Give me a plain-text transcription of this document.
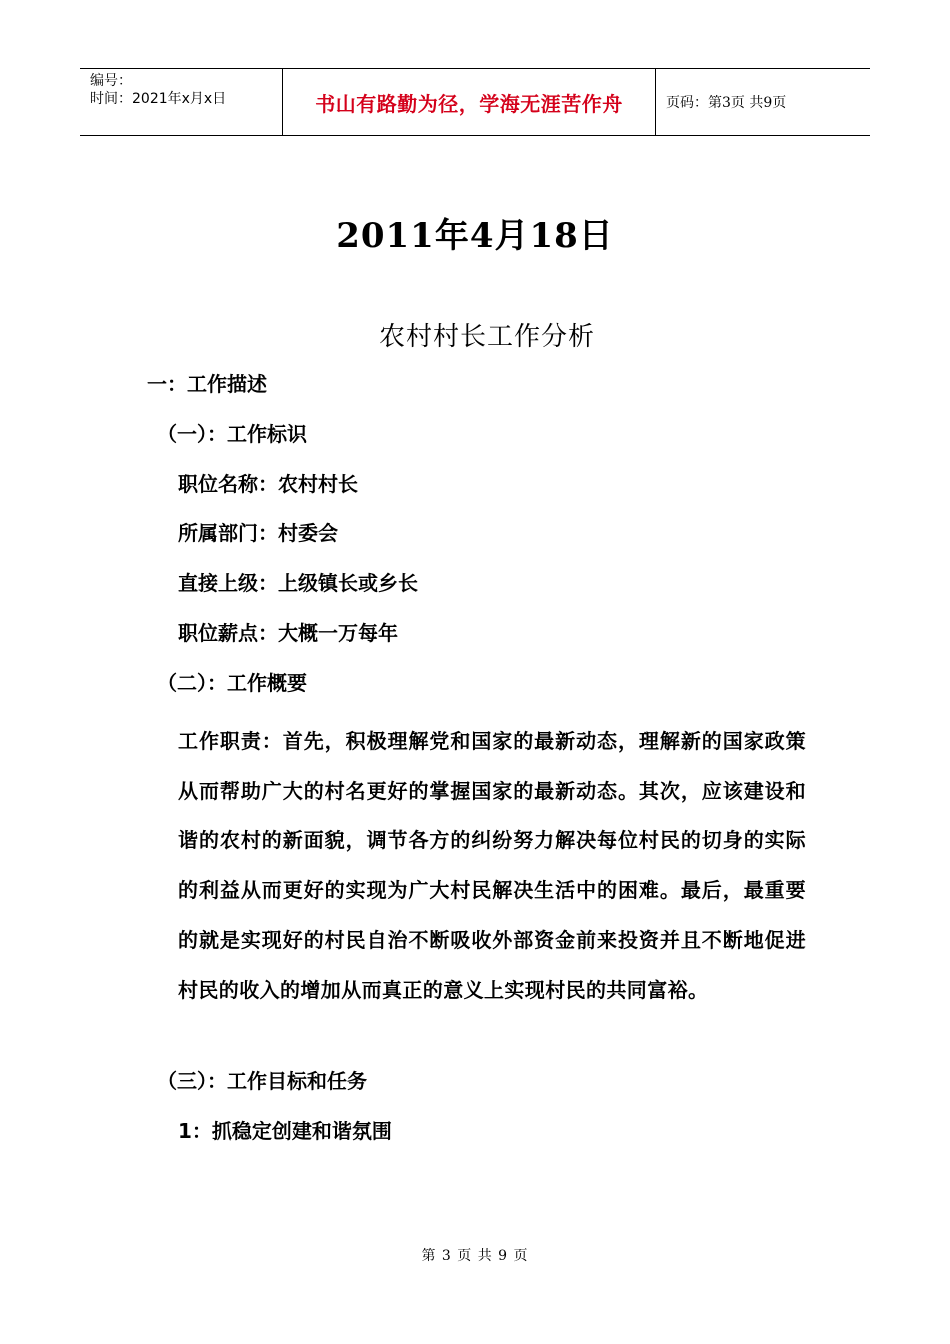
编号：
时间：2021年x月x日	书山有路勤为径，学海无涯苦作舟	页码：第3页 共9页
2011年4月18日
农村村长工作分析
一：工作描述
（一）：工作标识
职位名称：农村村长
所属部门：村委会
直接上级：上级镇长或乡长
职位薪点：大概一万每年
（二）：工作概要
工作职责：首先，积极理解党和国家的最新动态，理解新的国家政策从而帮助广大的村名更好的掌握国家的最新动态。其次，应该建设和谐的农村的新面貌，调节各方的纠纷努力解决每位村民的切身的实际的利益从而更好的实现为广大村民解决生活中的困难。最后，最重要的就是实现好的村民自治不断吸收外部资金前来投资并且不断地促进村民的收入的增加从而真正的意义上实现村民的共同富裕。
（三）：工作目标和任务
1：抓稳定创建和谐氛围
第 3 页 共 9 页
